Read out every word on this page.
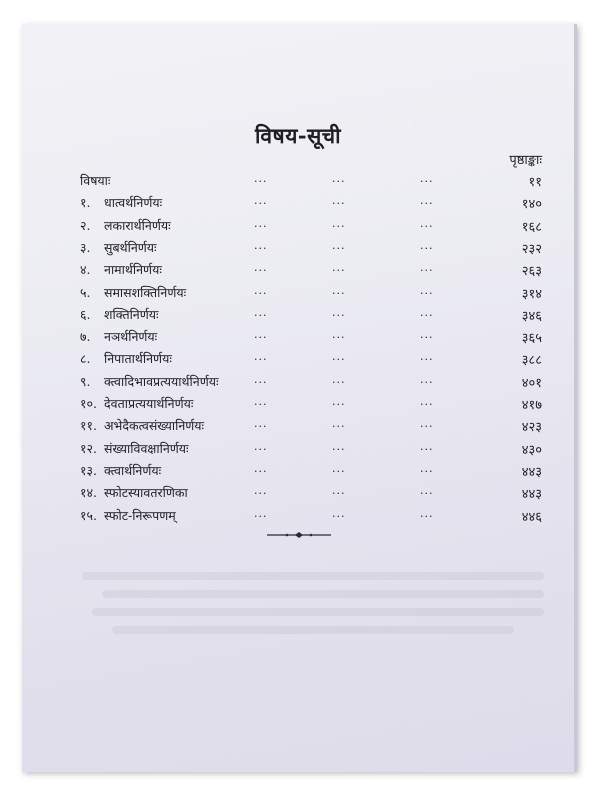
विषय-सूची
पृष्ठाङ्काः
विषयाः	...	...	...	११
१.	धात्वर्थनिर्णयः	...	...	...	१४०
२.	लकारार्थनिर्णयः	...	...	...	१६८
३.	सुबर्थनिर्णयः	...	...	...	२३२
४.	नामार्थनिर्णयः	...	...	...	२६३
५.	समासशक्तिनिर्णयः	...	...	...	३१४
६.	शक्तिनिर्णयः	...	...	...	३४६
७.	नञर्थनिर्णयः	...	...	...	३६५
८.	निपातार्थनिर्णयः	...	...	...	३८८
९.	क्त्वादिभावप्रत्ययार्थनिर्णयः	...	...	...	४०१
१०. देवताप्रत्ययार्थनिर्णयः	...	...	...	४१७
११. अभेदैकत्वसंख्यानिर्णयः	...	...	...	४२३
१२. संख्याविवक्षानिर्णयः	...	...	...	४३०
१३. क्त्वार्थनिर्णयः	...	...	...	४४३
१४. स्फोटस्यावतरणिका	...	...	...	४४३
१५. स्फोट-निरूपणम्	...	...	...	४४६
